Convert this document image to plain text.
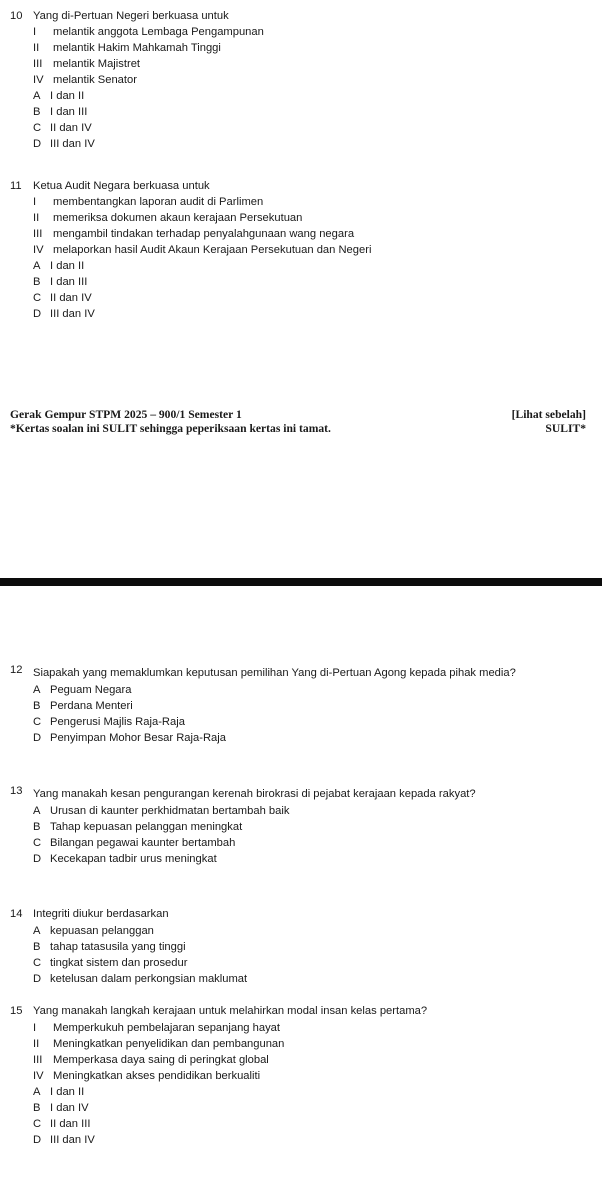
10 Yang di-Pertuan Negeri berkuasa untuk
I	melantik anggota Lembaga Pengampunan
II	melantik Hakim Mahkamah Tinggi
III melantik Majistret
IV melantik Senator
A I dan II
B I dan III
C II dan IV
D III dan IV
11	Ketua Audit Negara berkuasa untuk
I	membentangkan laporan audit di Parlimen
II	memeriksa dokumen akaun kerajaan Persekutuan
III mengambil tindakan terhadap penyalahgunaan wang negara
IV melaporkan hasil Audit Akaun Kerajaan Persekutuan dan Negeri
A I dan II
B I dan III
C II dan IV
D III dan IV
Gerak Gempur STPM 2025 – 900/1 Semester 1	[Lihat sebelah]
*Kertas soalan ini SULIT sehingga peperiksaan kertas ini tamat.	SULIT*
12 Siapakah yang memaklumkan keputusan pemilihan Yang di-Pertuan Agong kepada pihak media?
A Peguam Negara
B Perdana Menteri
C Pengerusi Majlis Raja-Raja
D Penyimpan Mohor Besar Raja-Raja
13 Yang manakah kesan pengurangan kerenah birokrasi di pejabat kerajaan kepada rakyat?
A Urusan di kaunter perkhidmatan bertambah baik
B Tahap kepuasan pelanggan meningkat
C Bilangan pegawai kaunter bertambah
D Kecekapan tadbir urus meningkat
14 Integriti diukur berdasarkan
A kepuasan pelanggan
B tahap tatasusila yang tinggi
C tingkat sistem dan prosedur
D ketelusan dalam perkongsian maklumat
15 Yang manakah langkah kerajaan untuk melahirkan modal insan kelas pertama?
I	Memperkukuh pembelajaran sepanjang hayat
II	Meningkatkan penyelidikan dan pembangunan
III Memperkasa daya saing di peringkat global
IV Meningkatkan akses pendidikan berkualiti
A I dan II
B I dan IV
C II dan III
D III dan IV
